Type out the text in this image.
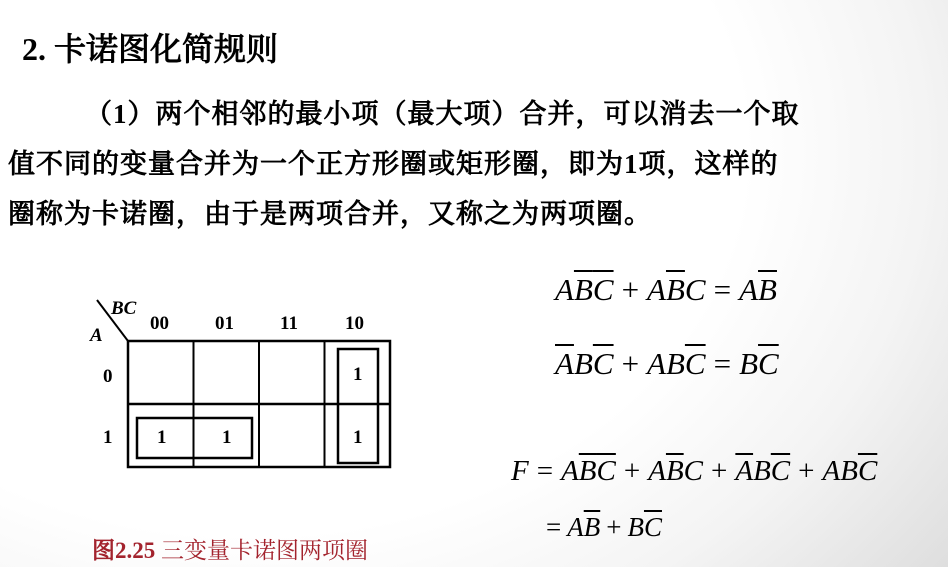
2. 卡诺图化简规则
（1）两个相邻的最小项（最大项）合并，可以消去一个取
值不同的变量合并为一个正方形圈或矩形圈，即为1项，这样的
圈称为卡诺圈，由于是两项合并，又称之为两项圈。
BC
A
00 01 11 10
0
1
1
1	1	1
图2.25 三变量卡诺图两项圈
$A\overline{B}\overline{C} + A\overline{B}C = A\overline{B}$
$\overline{A}B\overline{C} + AB\overline{C} = B\overline{C}$
$F = A\overline{B}\overline{C} + A\overline{B}C + \overline{A}B\overline{C} + AB\overline{C}$
= $A\overline{B} + B\overline{C}$
